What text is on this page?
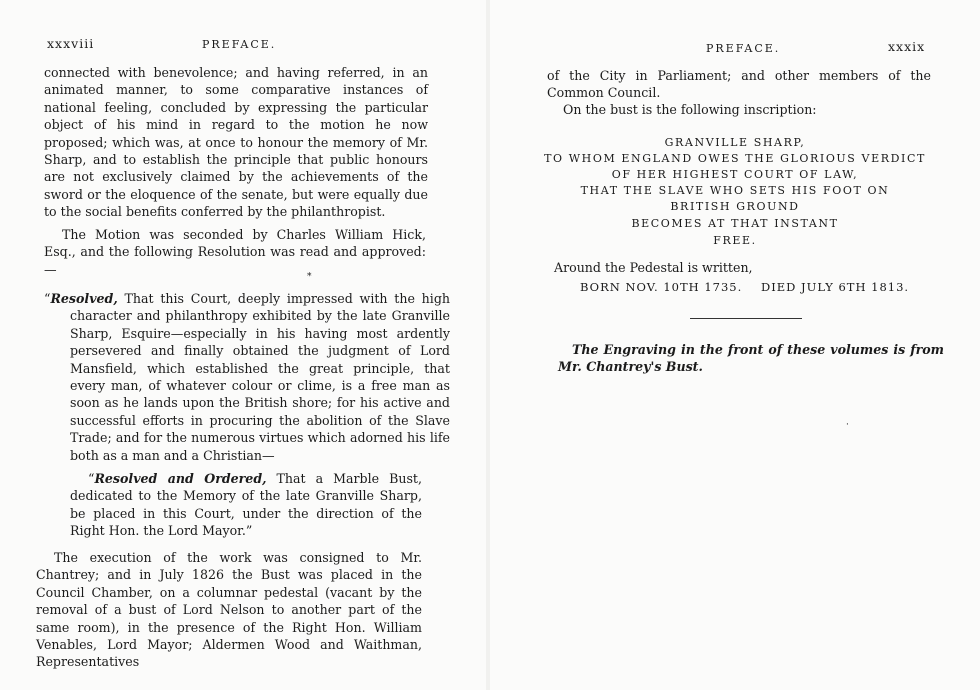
xxxviii	PREFACE.

connected with benevolence; and having referred, in an animated manner, to some comparative instances of national feeling, concluded by expressing the particular object of his mind in regard to the motion he now proposed; which was, at once to honour the memory of Mr. Sharp, and to establish the principle that public honours are not exclusively claimed by the achievements of the sword or the eloquence of the senate, but were equally due to the social benefits conferred by the philanthropist.

The Motion was seconded by Charles William Hick, Esq., and the following Resolution was read and approved:—

*

“Resolved, That this Court, deeply impressed with the high character and philanthropy exhibited by the late Granville Sharp, Esquire—especially in his having most ardently persevered and finally obtained the judgment of Lord Mansfield, which established the great principle, that every man, of whatever colour or clime, is a free man as soon as he lands upon the British shore; for his active and successful efforts in procuring the abolition of the Slave Trade; and for the numerous virtues which adorned his life both as a man and a Christian—

“Resolved and Ordered, That a Marble Bust, dedicated to the Memory of the late Granville Sharp, be placed in this Court, under the direction of the Right Hon. the Lord Mayor.”

The execution of the work was consigned to Mr. Chantrey; and in July 1826 the Bust was placed in the Council Chamber, on a columnar pedestal (vacant by the removal of a bust of Lord Nelson to another part of the same room), in the presence of the Right Hon. William Venables, Lord Mayor; Aldermen Wood and Waithman, Representatives

PREFACE.	xxxix

of the City in Parliament; and other members of the Common Council.

On the bust is the following inscription:

GRANVILLE SHARP,
TO WHOM ENGLAND OWES THE GLORIOUS VERDICT
OF HER HIGHEST COURT OF LAW,
THAT THE SLAVE WHO SETS HIS FOOT ON
BRITISH GROUND
BECOMES AT THAT INSTANT
FREE.

Around the Pedestal is written,

BORN NOV. 10TH 1735. DIED JULY 6TH 1813.

The Engraving in the front of these volumes is from Mr. Chantrey's Bust.

·
